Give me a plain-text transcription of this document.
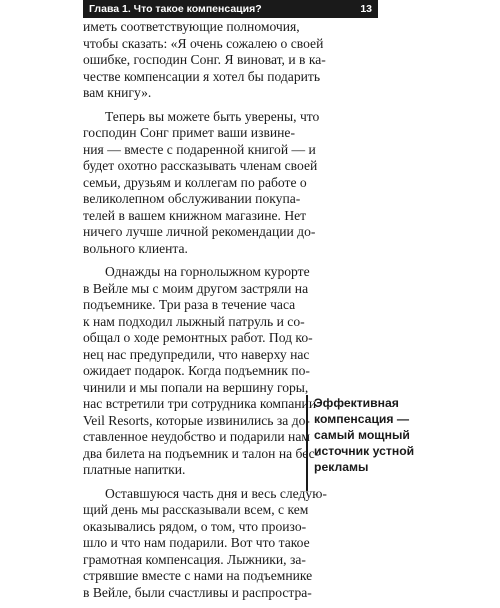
Глава 1. Что такое компенсация?	13
иметь соответствующие полномочия,
чтобы сказать: «Я очень сожалею о своей
ошибке, господин Сонг. Я виноват, и в ка-
честве компенсации я хотел бы подарить
вам книгу».
Теперь вы можете быть уверены, что
господин Сонг примет ваши извине-
ния — вместе с подаренной книгой — и
будет охотно рассказывать членам своей
семьи, друзьям и коллегам по работе о
великолепном обслуживании покупа-
телей в вашем книжном магазине. Нет
ничего лучше личной рекомендации до-
вольного клиента.
Однажды на горнолыжном курорте
в Вейле мы с моим другом застряли на
подъемнике. Три раза в течение часа
к нам подходил лыжный патруль и со-
общал о ходе ремонтных работ. Под ко-
нец нас предупредили, что наверху нас
ожидает подарок. Когда подъемник по-
чинили и мы попали на вершину горы,
нас встретили три сотрудника компании
Veil Resorts, которые извинились за до-
ставленное неудобство и подарили нам
два билета на подъемник и талон на бес-
платные напитки.
Оставшуюся часть дня и весь следую-
щий день мы рассказывали всем, с кем
оказывались рядом, о том, что произо-
шло и что нам подарили. Вот что такое
грамотная компенсация. Лыжники, за-
стрявшие вместе с нами на подъемнике
в Вейле, были счастливы и распростра-
Эффективная
компенсация —
самый мощный
источник устной
рекламы
